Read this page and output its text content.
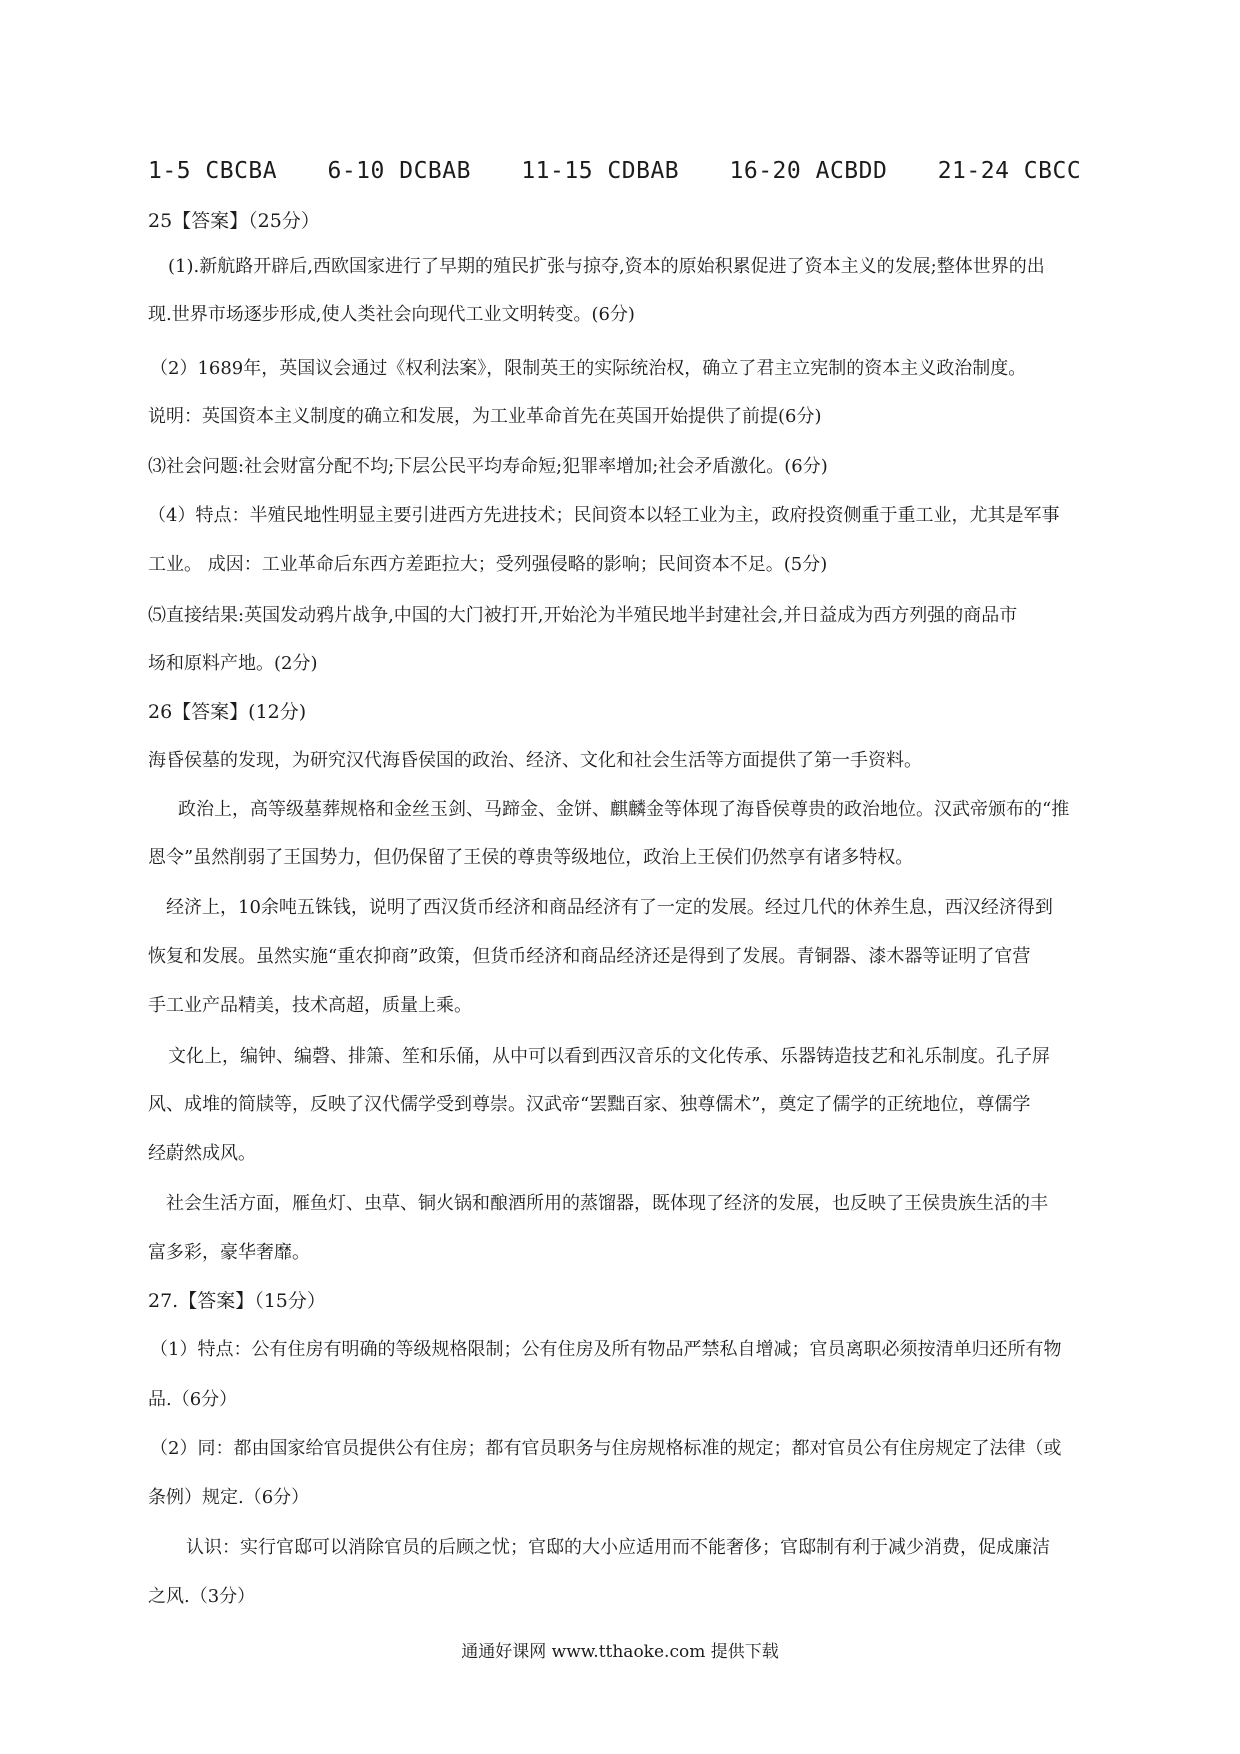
1-5 CBCBA 6-10 DCBAB 11-15 CDBAB 16-20 ACBDD 21-24 CBCC
25【答案】（25分）
(1).新航路开辟后,西欧国家进行了早期的殖民扩张与掠夺,资本的原始积累促进了资本主义的发展;整体世界的出
现.世界市场逐步形成,使人类社会向现代工业文明转变。(6分)
（2）1689年，英国议会通过《权利法案》，限制英王的实际统治权，确立了君主立宪制的资本主义政治制度。
说明：英国资本主义制度的确立和发展，为工业革命首先在英国开始提供了前提(6分)
⑶社会问题:社会财富分配不均;下层公民平均寿命短;犯罪率增加;社会矛盾激化。(6分)
（4）特点：半殖民地性明显主要引进西方先进技术；民间资本以轻工业为主，政府投资侧重于重工业，尤其是军事
工业。 成因：工业革命后东西方差距拉大；受列强侵略的影响；民间资本不足。(5分)
⑸直接结果:英国发动鸦片战争,中国的大门被打开,开始沦为半殖民地半封建社会,并日益成为西方列强的商品市
场和原料产地。(2分)
26【答案】(12分)
海昏侯墓的发现，为研究汉代海昏侯国的政治、经济、文化和社会生活等方面提供了第一手资料。
政治上，高等级墓葬规格和金丝玉剑、马蹄金、金饼、麒麟金等体现了海昏侯尊贵的政治地位。汉武帝颁布的“推
恩令”虽然削弱了王国势力，但仍保留了王侯的尊贵等级地位，政治上王侯们仍然享有诸多特权。
经济上，10余吨五铢钱，说明了西汉货币经济和商品经济有了一定的发展。经过几代的休养生息，西汉经济得到
恢复和发展。虽然实施“重农抑商”政策，但货币经济和商品经济还是得到了发展。青铜器、漆木器等证明了官营
手工业产品精美，技术高超，质量上乘。
文化上，编钟、编磬、排箫、笙和乐俑，从中可以看到西汉音乐的文化传承、乐器铸造技艺和礼乐制度。孔子屏
风、成堆的简牍等，反映了汉代儒学受到尊崇。汉武帝“罢黜百家、独尊儒术”，奠定了儒学的正统地位，尊儒学
经蔚然成风。
社会生活方面，雁鱼灯、虫草、铜火锅和酿酒所用的蒸馏器，既体现了经济的发展，也反映了王侯贵族生活的丰
富多彩，豪华奢靡。
27.【答案】（15分）
（1）特点：公有住房有明确的等级规格限制；公有住房及所有物品严禁私自增减；官员离职必须按清单归还所有物
品.（6分）
（2）同：都由国家给官员提供公有住房；都有官员职务与住房规格标准的规定；都对官员公有住房规定了法律（或
条例）规定.（6分）
认识：实行官邸可以消除官员的后顾之忧；官邸的大小应适用而不能奢侈；官邸制有利于减少消费，促成廉洁
之风.（3分）
通通好课网 www.tthaoke.com 提供下载
